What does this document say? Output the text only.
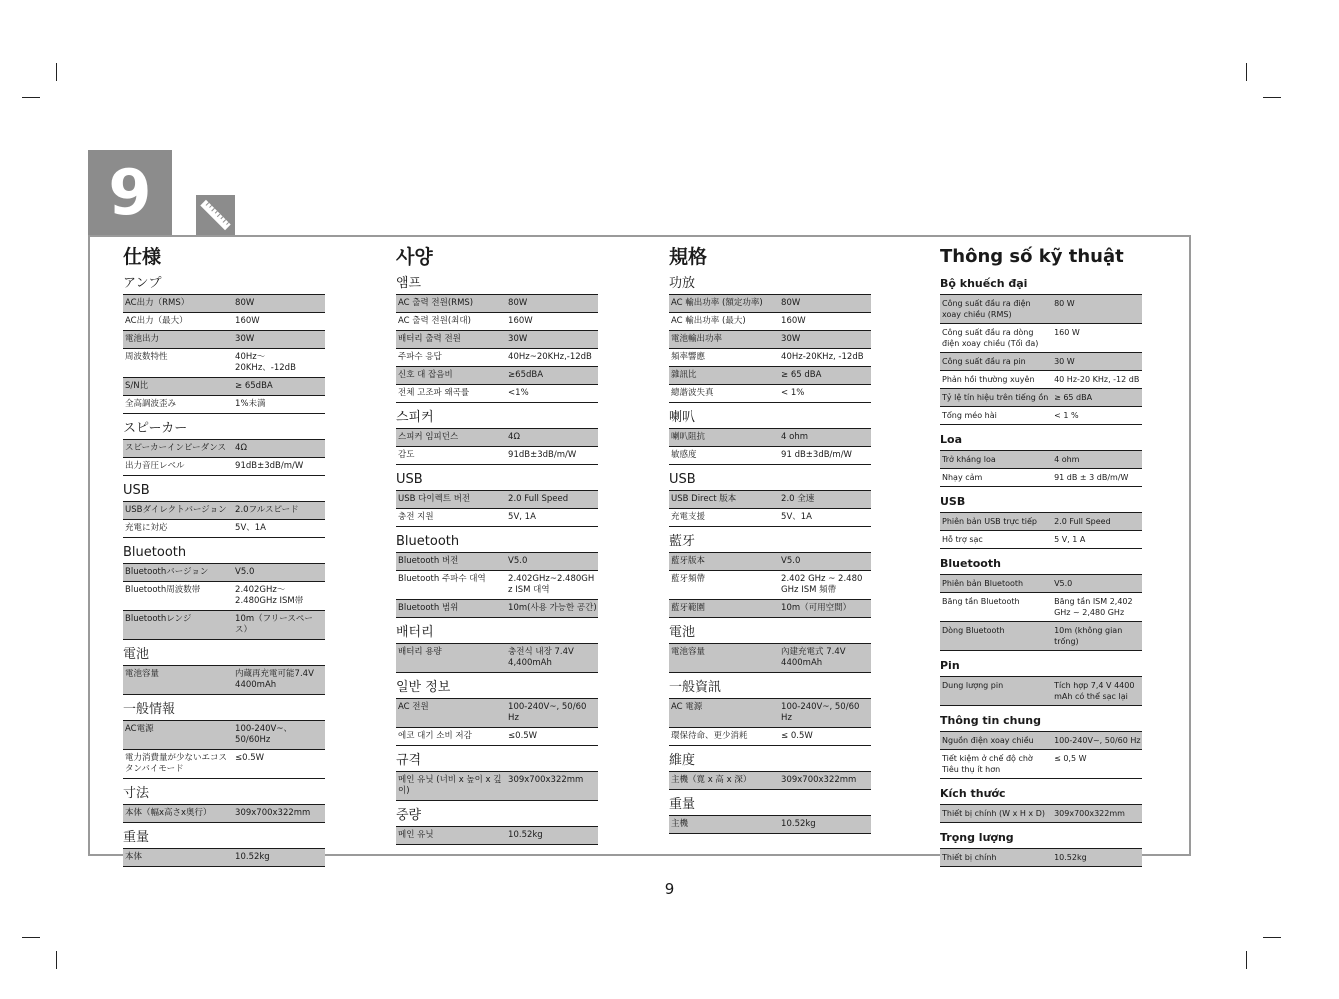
9
仕様
アンプ
AC出力（RMS）	80W
AC出力（最大）	160W
電池出力	30W
周波数特性	40Hz～20KHz、-12dB
S/N比	≥ 65dBA
全高調波歪み	1%未満
スピーカー
スピーカーインピーダンス	4Ω
出力音圧レベル	91dB±3dB/m/W
USB
USBダイレクトバージョン	2.0フルスピード
充電に対応	5V、1A
Bluetooth
Bluetoothバージョン	V5.0
Bluetooth周波数帯	2.402GHz～2.480GHz ISM帯
Bluetoothレンジ	10m（フリースペース）
電池
電池容量	内蔵再充電可能7.4V 4400mAh
一般情報
AC電源	100-240V~、50/60Hz
電力消費量が少ないエコスタンバイモード	≤0.5W
寸法
本体（幅x高さx奥行）	309x700x322mm
重量
本体	10.52kg
사양
앰프
AC 출력 전원(RMS)	80W
AC 출력 전원(최대)	160W
배터리 출력 전원	30W
주파수 응답	40Hz~20KHz,-12dB
신호 대 잡음비	≥65dBA
전체 고조파 왜곡률	<1%
스피커
스피커 임피던스	4Ω
감도	91dB±3dB/m/W
USB
USB 다이렉트 버전	2.0 Full Speed
충전 지원	5V, 1A
Bluetooth
Bluetooth 버전	V5.0
Bluetooth 주파수 대역	2.402GHz~2.480GHz ISM 대역
Bluetooth 범위	10m(사용 가능한 공간)
배터리
배터리 용량	충전식 내장 7.4V 4,400mAh
일반 정보
AC 전원	100-240V~, 50/60 Hz
에코 대기 소비 저감	≤0.5W
규격
메인 유닛 (너비 x 높이 x 깊이)	309x700x322mm
중량
메인 유닛	10.52kg
規格
功放
AC 輸出功率 (額定功率)	80W
AC 輸出功率 (最大)	160W
電池輸出功率	30W
頻率響應	40Hz-20KHz, -12dB
雜訊比	≥ 65 dBA
總諧波失真	< 1%
喇叭
喇叭阻抗	4 ohm
敏感度	91 dB±3dB/m/W
USB
USB Direct 版本	2.0 全速
充電支援	5V、1A
藍牙
藍牙版本	V5.0
藍牙頻帶	2.402 GHz ~ 2.480 GHz ISM 頻帶
藍牙範圍	10m（可用空間）
電池
電池容量	內建充電式 7.4V 4400mAh
一般資訊
AC 電源	100-240V~, 50/60 Hz
環保待命、更少消耗	≤ 0.5W
維度
主機（寬 x 高 x 深）	309x700x322mm
重量
主機	10.52kg
Thông số kỹ thuật
Bộ khuếch đại
Công suất đầu ra điện xoay chiều (RMS)	80 W
Công suất đầu ra dòng điện xoay chiều (Tối đa)	160 W
Công suất đầu ra pin	30 W
Phản hồi thường xuyên	40 Hz-20 KHz, -12 dB
Tỷ lệ tín hiệu trên tiếng ồn	≥ 65 dBA
Tổng méo hài	< 1 %
Loa
Trở kháng loa	4 ohm
Nhạy cảm	91 dB ± 3 dB/m/W
USB
Phiên bản USB trực tiếp	2.0 Full Speed
Hỗ trợ sạc	5 V, 1 A
Bluetooth
Phiên bản Bluetooth	V5.0
Băng tần Bluetooth	Băng tần ISM 2,402 GHz ~ 2,480 GHz
Dòng Bluetooth	10m (không gian trống)
Pin
Dung lượng pin	Tích hợp 7,4 V 4400 mAh có thể sạc lại
Thông tin chung
Nguồn điện xoay chiều	100-240V~, 50/60 Hz
Tiết kiệm ở chế độ chờ Tiêu thụ ít hơn	≤ 0,5 W
Kích thước
Thiết bị chính (W x H x D)	309x700x322mm
Trọng lượng
Thiết bị chính	10.52kg
9
